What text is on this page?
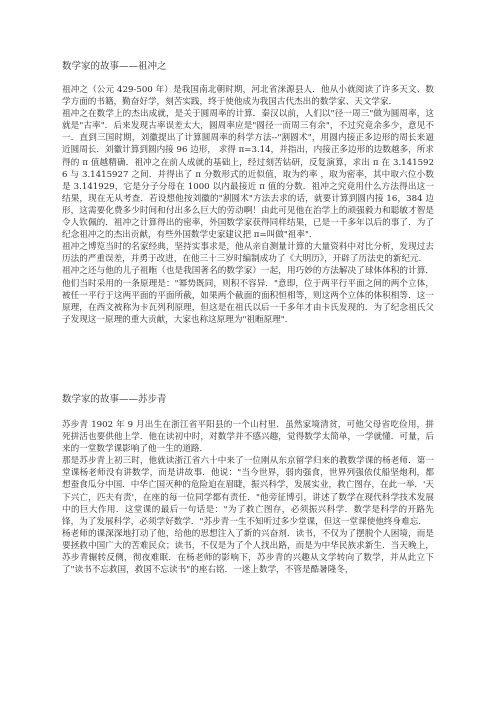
数学家的故事——祖冲之

祖冲之（公元 429-500 年）是我国南北朝时期，河北省涞源县人．他从小就阅读了许多天文、数学方面的书籍，勤奋好学，刻苦实践，终于使他成为我国古代杰出的数学家、天文学家．

祖冲之在数学上的杰出成就，是关于圆周率的计算．秦汉以前，人们以"径一周三"做为圆周率，这就是"古率"．后来发现古率误差太大，圆周率应是"圆径一而周三有余"，不过究竟余多少，意见不一．直到三国时期，刘徽提出了计算圆周率的科学方法--"割圆术"，用圆内接正多边形的周长来逼近圆周长．刘徽计算到圆内接 96 边形， 求得 π=3.14，并指出，内接正多边形的边数越多，所求得的 π 值越精确．祖冲之在前人成就的基础上，经过刻苦钻研，反复演算，求出 π 在 3.1415926 与 3.1415927 之间．并得出了 π 分数形式的近似值，取为约率 ，取为密率，其中取六位小数是 3.141929，它是分子分母在 1000 以内最接近 π 值的分数．祖冲之究竟用什么方法得出这一结果，现在无从考查．若设想他按刘徽的"割圆术"方法去求的话，就要计算到圆内接 16，384 边形，这需要化费多少时间和付出多么巨大的劳动啊！由此可见他在治学上的顽强毅力和聪敏才智是令人钦佩的．祖冲之计算得出的密率，外国数学家获得同样结果，已是一千多年以后的事了．为了纪念祖冲之的杰出贡献，有些外国数学史家建议把 π=叫做"祖率"．

祖冲之博览当时的名家经典，坚持实事求是，他从亲自测量计算的大量资料中对比分析，发现过去历法的严重误差，并勇于改进，在他三十三岁时编制成功了《大明历》，开辟了历法史的新纪元．

祖冲之还与他的儿子祖暅（也是我国著名的数学家）一起，用巧妙的方法解决了球体体积的计算．他们当时采用的一条原理是："幂势既同，则积不容异．"意即，位于两平行平面之间的两个立体，被任一平行于这两平面的平面所截，如果两个截面的面积恒相等，则这两个立体的体积相等．这一原理，在西文被称为卡瓦列利原理，但这是在祖氏以后一千多年才由卡氏发现的．为了纪念祖氏父子发现这一原理的重大贡献，大家也称这原理为"祖暅原理"．

数学家的故事——苏步青

苏步青 1902 年 9 月出生在浙江省平阳县的一个山村里．虽然家境清贫，可他父母省吃俭用，拼死拼活也要供他上学．他在读初中时，对数学并不感兴趣，觉得数学太简单，一学就懂．可量，后来的一堂数学课影响了他一生的道路．

那是苏步青上初三时，他就读浙江省六十中来了一位刚从东京留学归来的教数学课的杨老师．第一堂课杨老师没有讲数学，而是讲故事．他说："当今世界，弱肉强食，世界列强依仗船坚炮利，都想蚕食瓜分中国．中华亡国灭种的危险迫在眉睫，振兴科学，发展实业，救亡图存，在此一举．'天下兴亡，匹夫有责'，在座的每一位同学都有责任．"他旁征博引，讲述了数学在现代科学技术发展中的巨大作用．这堂课的最后一句话是："为了救亡图存，必须振兴科学．数学是科学的开路先锋，为了发展科学，必须学好数学．"苏步青一生不知听过多少堂课，但这一堂课使他终身难忘．

杨老师的课深深地打动了他，给他的思想注入了新的兴奋剂．读书，不仅为了摆脱个人困境，而是要拯救中国广大的苦难民众；读书，不仅是为了个人找出路，而是为中华民族求新生．当天晚上，苏步青辗转反侧，彻夜难眠．在杨老师的影响下，苏步青的兴趣从文学转向了数学，并从此立下了"读书不忘救国，救国不忘读书"的座右铭．一迷上数学，不管是酷暑隆冬，
